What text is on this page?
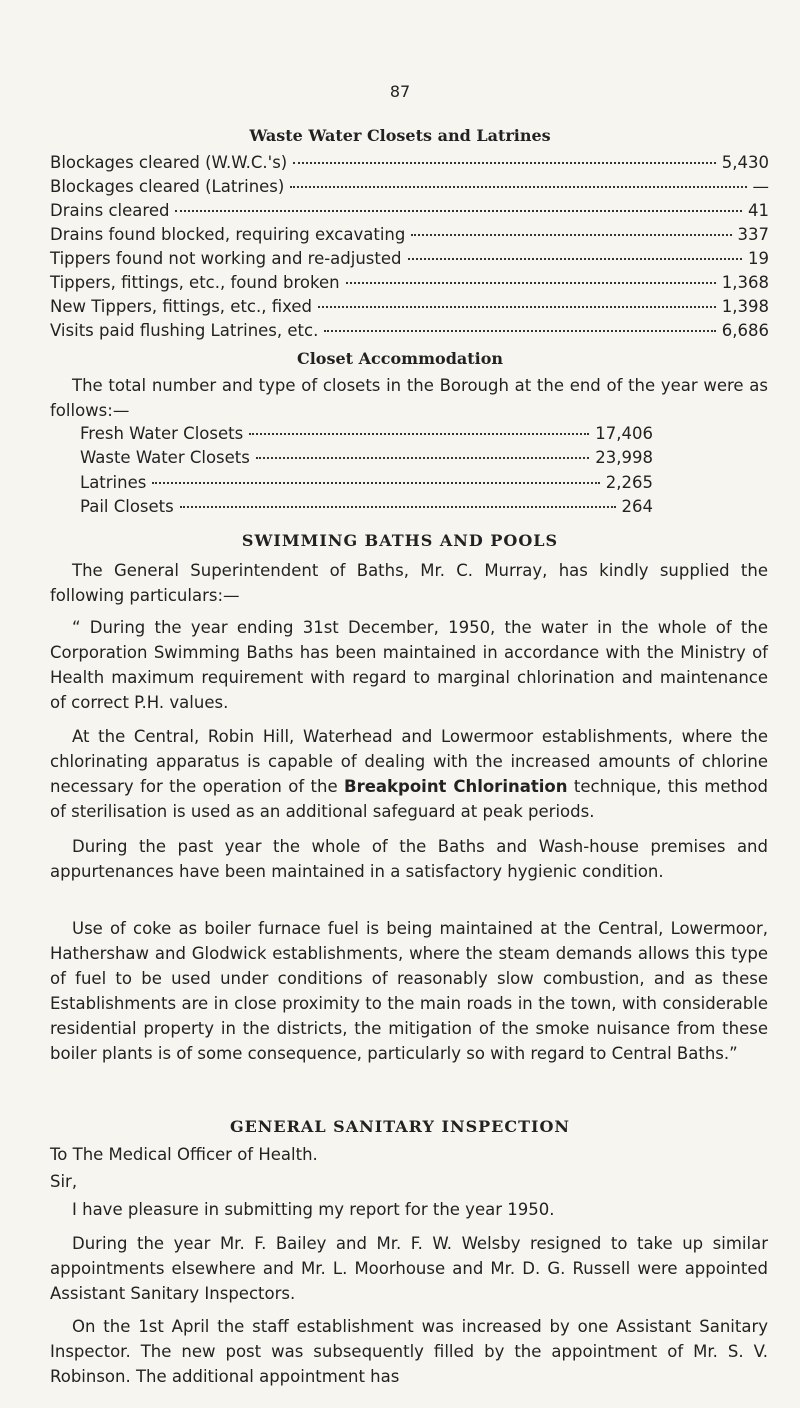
87
Waste Water Closets and Latrines
Blockages cleared (W.W.C.'s)	5,430
Blockages cleared (Latrines)	—
Drains cleared	41
Drains found blocked, requiring excavating	337
Tippers found not working and re-adjusted	19
Tippers, fittings, etc., found broken	1,368
New Tippers, fittings, etc., fixed	1,398
Visits paid flushing Latrines, etc.	6,686
Closet Accommodation
The total number and type of closets in the Borough at the end of the year were as follows:—
Fresh Water Closets	17,406
Waste Water Closets	23,998
Latrines	2,265
Pail Closets	264
SWIMMING BATHS AND POOLS
The General Superintendent of Baths, Mr. C. Murray, has kindly supplied the following particulars:—
“ During the year ending 31st December, 1950, the water in the whole of the Corporation Swimming Baths has been maintained in accordance with the Ministry of Health maximum requirement with regard to marginal chlorination and maintenance of correct P.H. values.
At the Central, Robin Hill, Waterhead and Lowermoor establishments, where the chlorinating apparatus is capable of dealing with the increased amounts of chlorine necessary for the operation of the Breakpoint Chlorination technique, this method of sterilisation is used as an additional safeguard at peak periods.
During the past year the whole of the Baths and Wash-house premises and appurtenances have been maintained in a satisfactory hygienic condition.
Use of coke as boiler furnace fuel is being maintained at the Central, Lowermoor, Hathershaw and Glodwick establishments, where the steam demands allows this type of fuel to be used under conditions of reasonably slow combustion, and as these Establishments are in close proximity to the main roads in the town, with considerable residential property in the districts, the mitigation of the smoke nuisance from these boiler plants is of some consequence, particularly so with regard to Central Baths.”
GENERAL SANITARY INSPECTION
To The Medical Officer of Health.
Sir,
I have pleasure in submitting my report for the year 1950.
During the year Mr. F. Bailey and Mr. F. W. Welsby resigned to take up similar appointments elsewhere and Mr. L. Moorhouse and Mr. D. G. Russell were appointed Assistant Sanitary Inspectors.
On the 1st April the staff establishment was increased by one Assistant Sanitary Inspector. The new post was subsequently filled by the appointment of Mr. S. V. Robinson. The additional appointment has
